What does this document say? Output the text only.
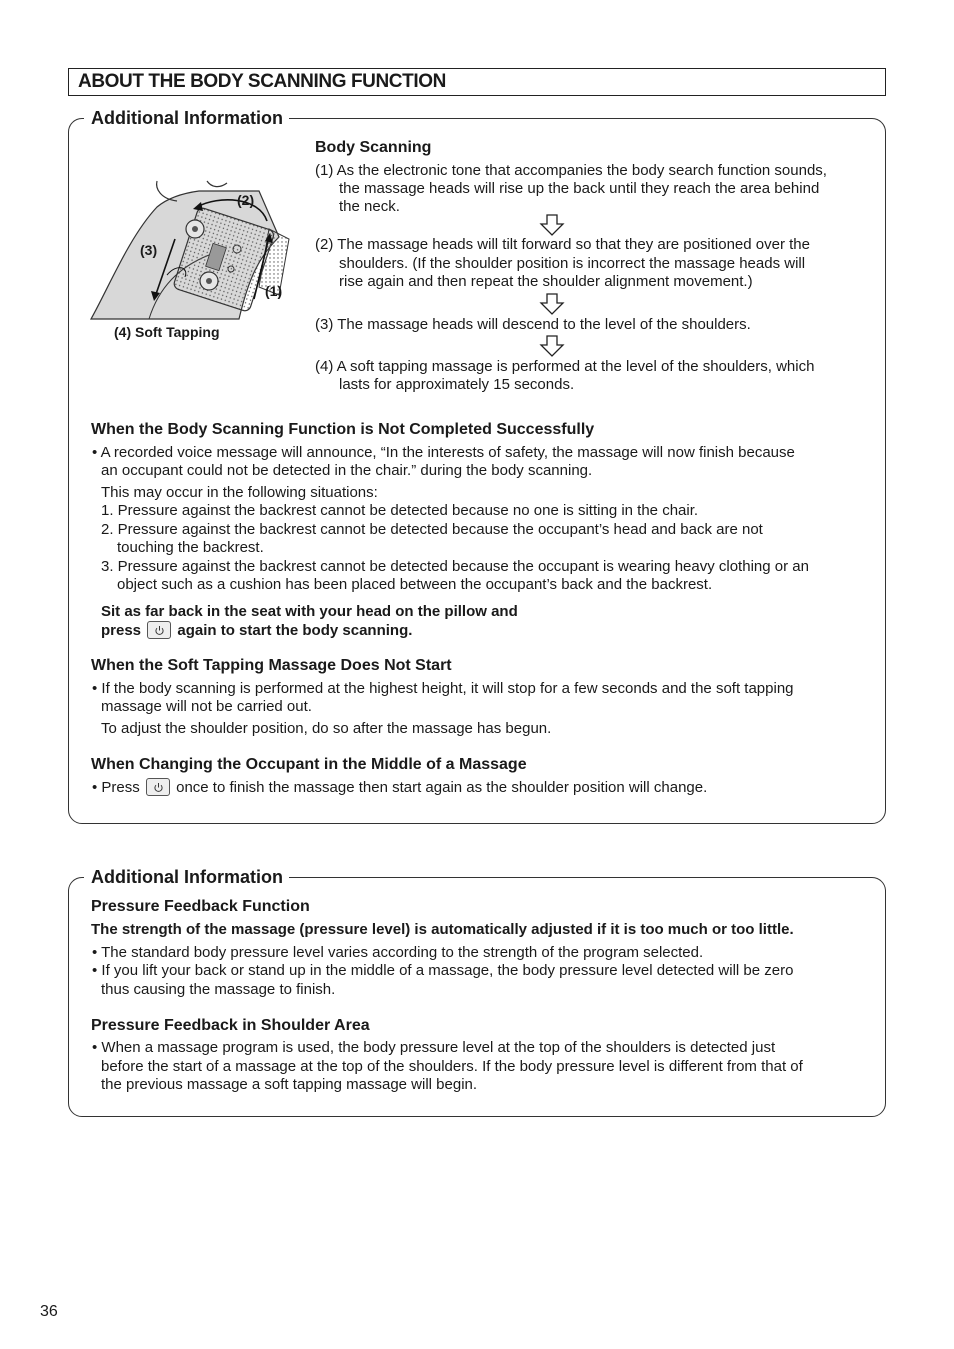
ABOUT THE BODY SCANNING FUNCTION
Additional Information
(2)
(3)
(1)
(4) Soft Tapping
Body Scanning
(1) As the electronic tone that accompanies the body search function sounds,
the massage heads will rise up the back until they reach the area behind
the neck.
(2) The massage heads will tilt forward so that they are positioned over the
shoulders. (If the shoulder position is incorrect the massage heads will
rise again and then repeat the shoulder alignment movement.)
(3) The massage heads will descend to the level of the shoulders.
(4) A soft tapping massage is performed at the level of the shoulders, which
lasts for approximately 15 seconds.
When the Body Scanning Function is Not Completed Successfully
• A recorded voice message will announce, “In the interests of safety, the massage will now finish because
an occupant could not be detected in the chair.” during the body scanning.
This may occur in the following situations:
1. Pressure against the backrest cannot be detected because no one is sitting in the chair.
2. Pressure against the backrest cannot be detected because the occupant’s head and back are not
touching the backrest.
3. Pressure against the backrest cannot be detected because the occupant is wearing heavy clothing or an
object such as a cushion has been placed between the occupant’s back and the backrest.
Sit as far back in the seat with your head on the pillow and
press again to start the body scanning.
When the Soft Tapping Massage Does Not Start
• If the body scanning is performed at the highest height, it will stop for a few seconds and the soft tapping
massage will not be carried out.
To adjust the shoulder position, do so after the massage has begun.
When Changing the Occupant in the Middle of a Massage
• Press once to finish the massage then start again as the shoulder position will change.
Additional Information
Pressure Feedback Function
The strength of the massage (pressure level) is automatically adjusted if it is too much or too little.
• The standard body pressure level varies according to the strength of the program selected.
• If you lift your back or stand up in the middle of a massage, the body pressure level detected will be zero
thus causing the massage to finish.
Pressure Feedback in Shoulder Area
• When a massage program is used, the body pressure level at the top of the shoulders is detected just
before the start of a massage at the top of the shoulders. If the body pressure level is different from that of
the previous massage a soft tapping massage will begin.
36
